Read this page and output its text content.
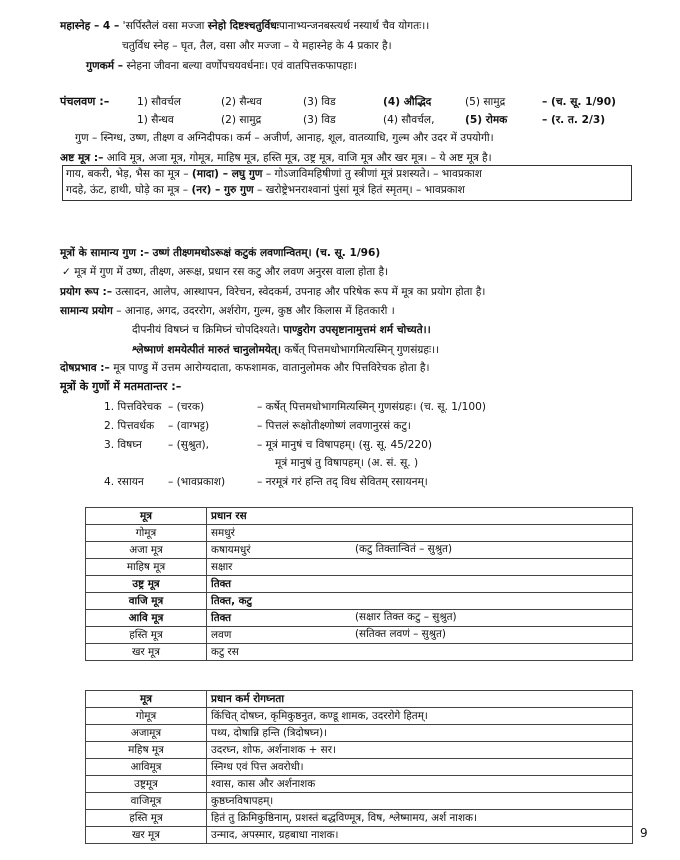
महास्नेह – 4 – 'सर्पिस्तैलं वसा मज्जा स्नेहो दिष्टश्चतुर्विधःपानाभ्यन्जनबस्त्यर्थ नस्यार्थ चैव योगतः।।
चतुर्विध स्नेह – घृत, तैल, वसा और मज्जा – ये महास्नेह के 4 प्रकार है।
गुणकर्म – स्नेहना जीवना बल्या वर्णोपचयवर्धनाः। एवं वातपित्तकफापहाः।
पंचलवण :–	1) सौवर्चल	(2) सैन्धव	(3) विड	(4) औद्भिद	(5) सामुद्र	– (च. सू. 1/90)
1) सैन्धव	(2) सामुद्र	(3) विड	(4) सौवर्चल,	(5) रोमक	– (र. त. 2/3)
गुण – स्निग्ध, उष्ण, तीक्ष्ण व अग्निदीपक। कर्म – अजीर्ण, आनाह, शूल, वातव्याधि, गुल्म और उदर में उपयोगी।
अष्ट मूत्र :– आवि मूत्र, अजा मूत्र, गोमूत्र, माहिष मूत्र, हस्ति मूत्र, उष्ट्र मूत्र, वाजि मूत्र और खर मूत्र। – ये अष्ट मूत्र है।
गाय, बकरी, भेड़, भैस का मूत्र – (मादा) – लघु गुण – गोऽजाविमहिषीणां तु स्त्रीणां मूत्रं प्रशस्यते। – भावप्रकाश
गदहे, ऊंट, हाथी, घोड़े का मूत्र – (नर) – गुरु गुण – खरोष्ट्रेभनराश्वानां पुंसां मूत्रं हितं स्मृतम्। – भावप्रकाश
मूत्रों के सामान्य गुण :– उष्णं तीक्ष्णमथोऽरूक्षं कटुकं लवणान्वितम्। (च. सू. 1/96)
✓ मूत्र में गुण में उष्ण, तीक्ष्ण, अरूक्ष, प्रधान रस कटु और लवण अनुरस वाला होता है।
प्रयोग रूप :– उत्सादन, आलेप, आस्थापन, विरेचन, स्वेदकर्म, उपनाह और परिषेक रूप में मूत्र का प्रयोग होता है।
सामान्य प्रयोग – आनाह, अगद, उदररोग, अर्शरोग, गुल्म, कुष्ठ और किलास में हितकारी ।
दीपनीयं विषघ्नं च क्रिमिघ्नं चोपदिश्यते। पाण्डुरोग उपसृष्टानामुत्तमं शर्म चोच्यते।।
श्लेष्माणं शमयेत्पीतं मारुतं चानुलोमयेत्। कर्षेत् पित्तमधोभागमित्यस्मिन् गुणसंग्रहः।।
दोषप्रभाव :– मूत्र पाण्डु में उत्तम आरोग्यदाता, कफशामक, वातानुलोमक और पित्तविरेचक होता है।
मूत्रों के गुणों में मतमतान्तर :–
1. पित्तविरेचक – (चरक)	– कर्षेत् पित्तमधोभागमित्यस्मिन् गुणसंग्रहः। (च. सू. 1/100)
2. पित्तवर्धक – (वाग्भट्ट)	– पित्तलं रूक्षोतीक्ष्णोष्णं लवणानुरसं कटु।
3. विषघ्न – (सुश्रुत),	– मूत्रं मानुषं च विषापहम्। (सु. सू. 45/220)
मूत्रं मानुषं तु विषापहम्। (अ. सं. सू. )
4. रसायन – (भावप्रकाश)	– नरमूत्रं गरं हन्ति तद् विध सेवितम् रसायनम्।
मूत्र	प्रधान रस
गोमूत्र	समधुरं
अजा मूत्र	कषायमधुरं (कटु तिक्तान्वितं – सुश्रुत)

माहिष मूत्र	सक्षार
उष्ट्र मूत्र	तिक्त
वाजि मूत्र	तिक्त, कटु
आवि मूत्र	तिक्त (सक्षार तिक्त कटु – सुश्रुत)

हस्ति मूत्र	लवण (सतिक्त लवणं – सुश्रुत)

खर मूत्र	कटु रस
मूत्र	प्रधान कर्म रोगघ्नता
गोमूत्र	किंचित् दोषघ्न, कृमिकुष्ठनुत, कण्डू शामक, उदररोगे हितम्।
अजामूत्र	पथ्य, दोषान्नि हन्ति (त्रिदोषघ्न)।
महिष मूत्र	उदरघ्न, शोफ, अर्शनाशक + सर।
आविमूत्र	स्निग्ध एवं पित्त अवरोधी।
उष्ट्रमूत्र	श्वास, कास और अर्शनाशक
वाजिमूत्र	कुष्ठघ्नविषापहम्।
हस्ति मूत्र	हितं तु क्रिमिकुष्ठिनाम्, प्रशस्तं बद्धविण्मूत्र, विष, श्लेष्मामय, अर्श नाशक।
खर मूत्र	उन्माद, अपस्मार, ग्रहबाधा नाशक।	9
